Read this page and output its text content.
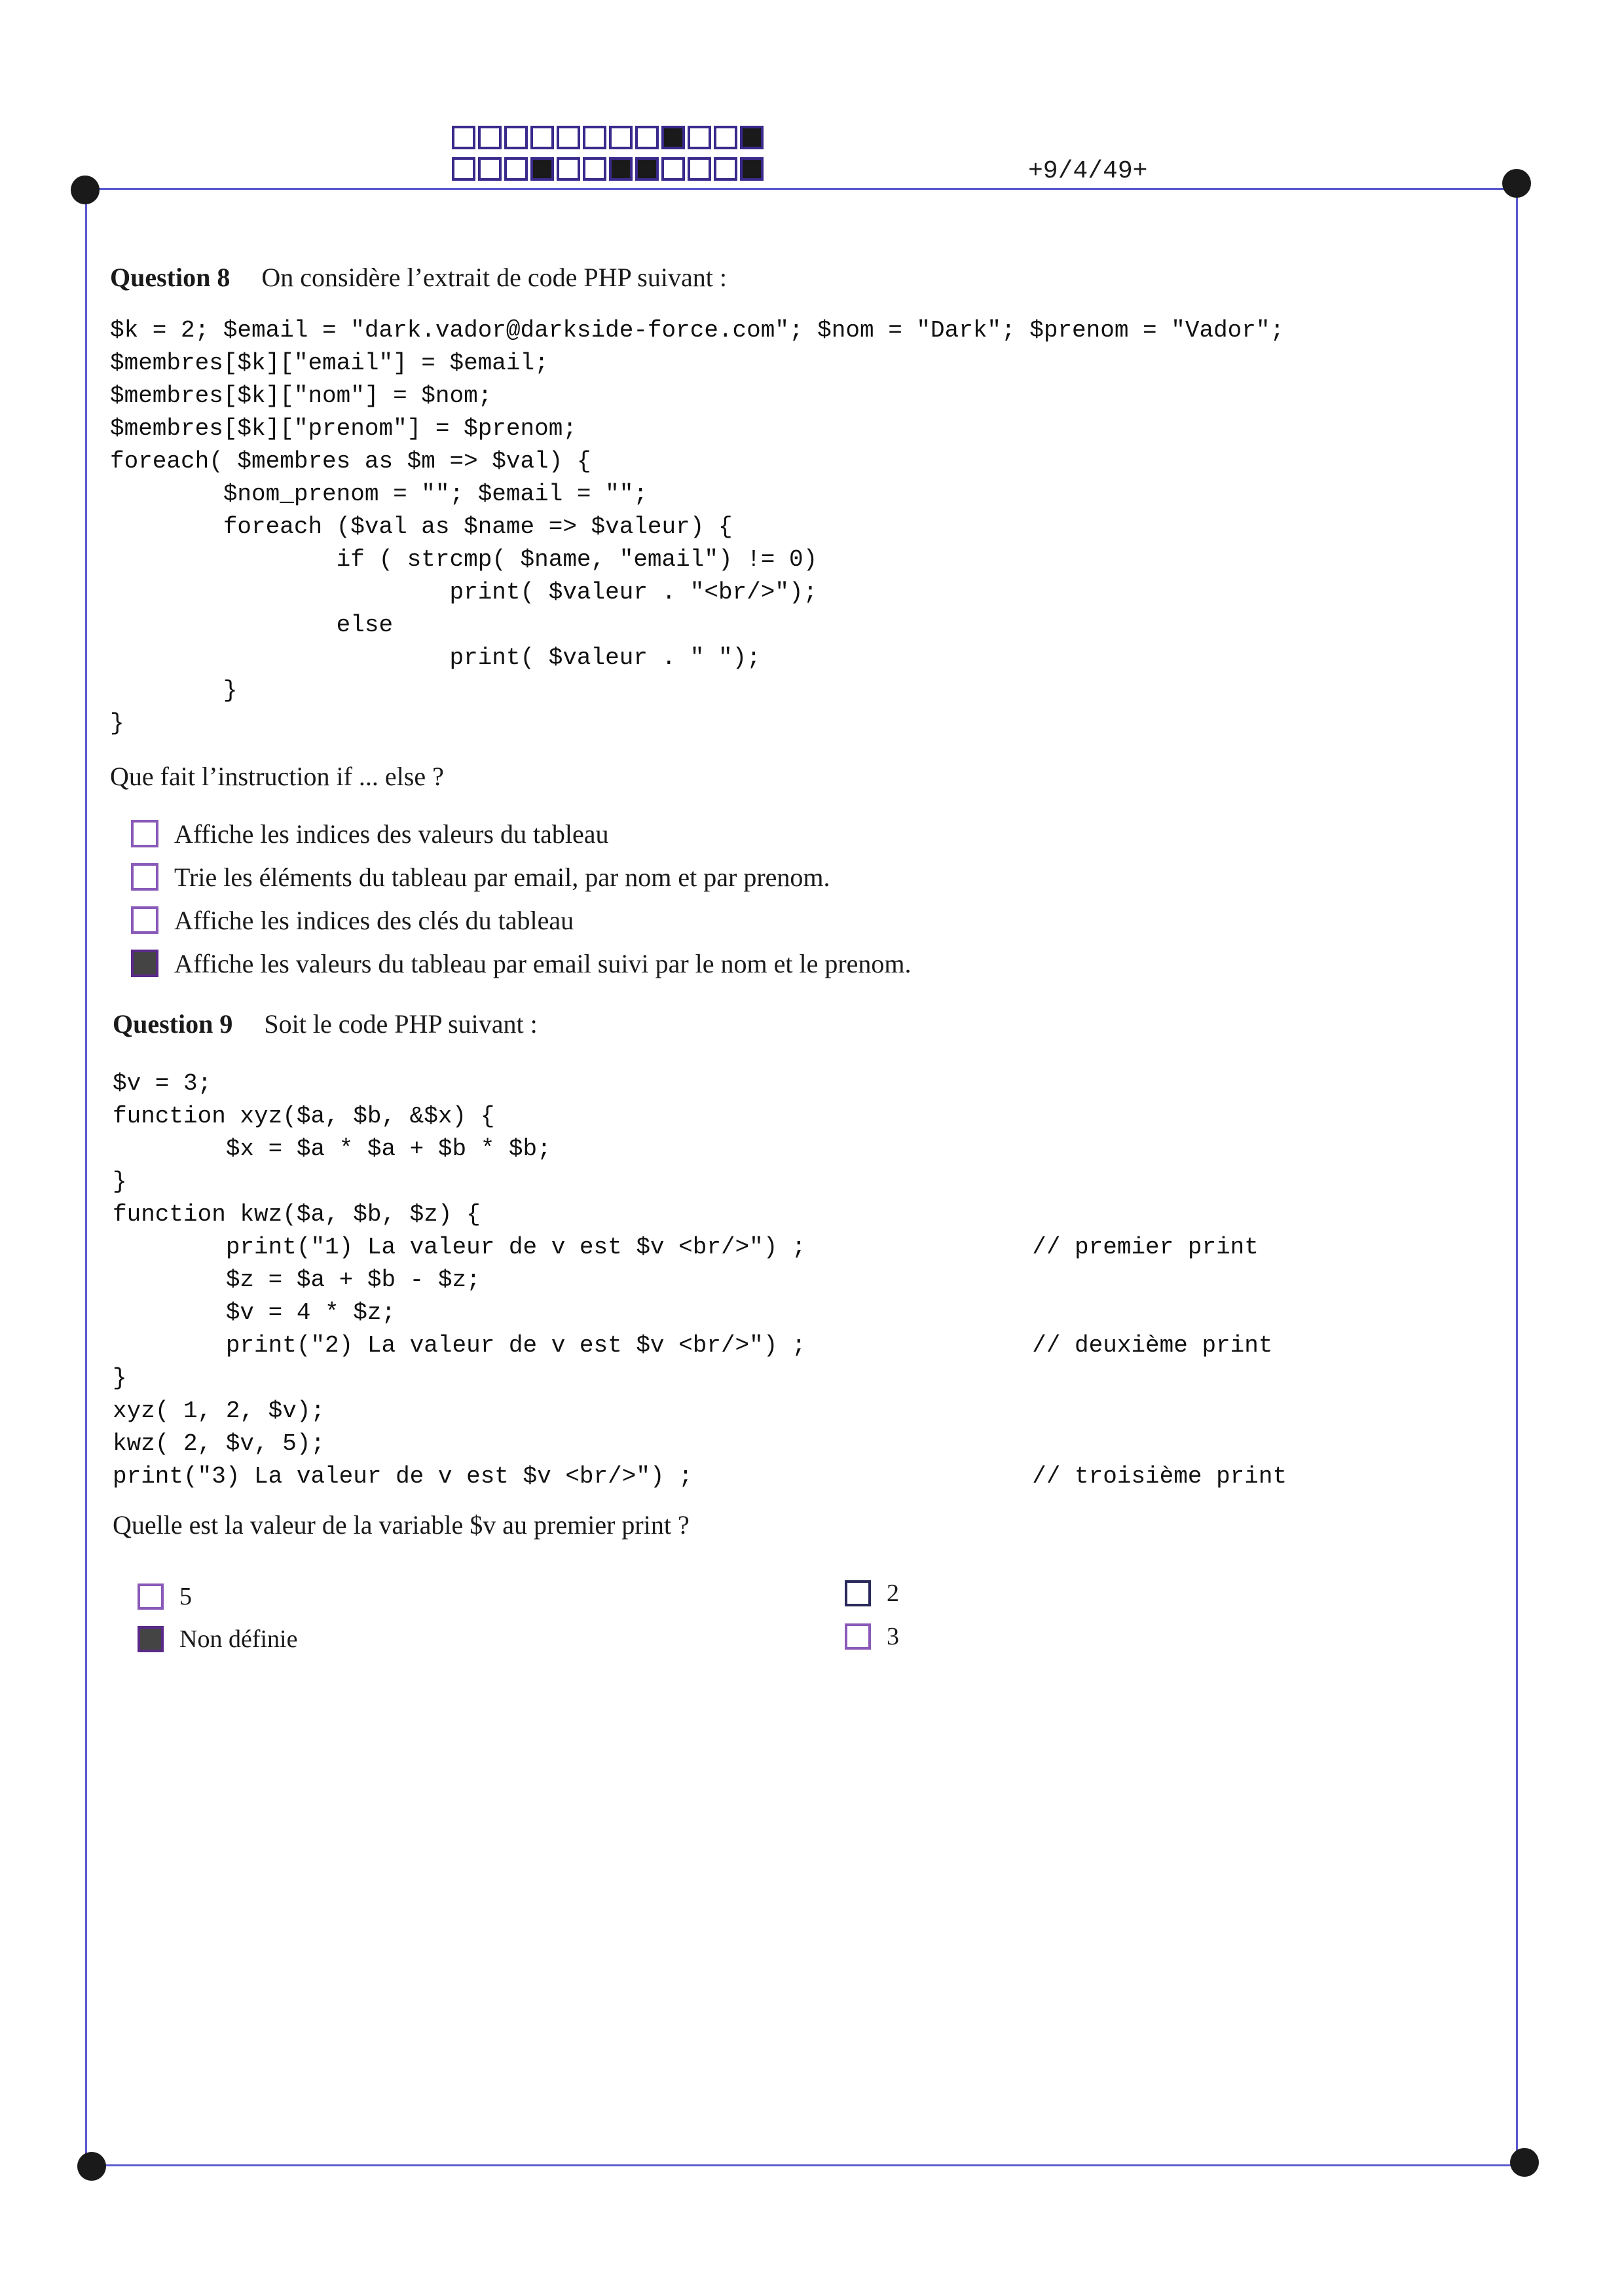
+9/4/49+
Question 8 On considère l’extrait de code PHP suivant :
$k = 2; $email = "dark.vador@darkside-force.com"; $nom = "Dark"; $prenom = "Vador";
$membres[$k]["email"] = $email;
$membres[$k]["nom"] = $nom;
$membres[$k]["prenom"] = $prenom;
foreach( $membres as $m => $val) {
$nom_prenom = ""; $email = "";
foreach ($val as $name => $valeur) {
if ( strcmp( $name, "email") != 0)
print( $valeur . "<br/>");
else
print( $valeur . " ");
}
}
Que fait l’instruction if ... else ?
Affiche les indices des valeurs du tableau
Trie les éléments du tableau par email, par nom et par prenom.
Affiche les indices des clés du tableau
Affiche les valeurs du tableau par email suivi par le nom et le prenom.
Question 9 Soit le code PHP suivant :
$v = 3;
function xyz($a, $b, &$x) {
$x = $a * $a + $b * $b;
}
function kwz($a, $b, $z) {
print("1) La valeur de v est $v <br/>") ;                // premier print
$z = $a + $b - $z;
$v = 4 * $z;
print("2) La valeur de v est $v <br/>") ;                // deuxième print
}
xyz( 1, 2, $v);
kwz( 2, $v, 5);
print("3) La valeur de v est $v <br/>") ;                        // troisième print
Quelle est la valeur de la variable $v au premier print ?
5
Non définie
2
3
